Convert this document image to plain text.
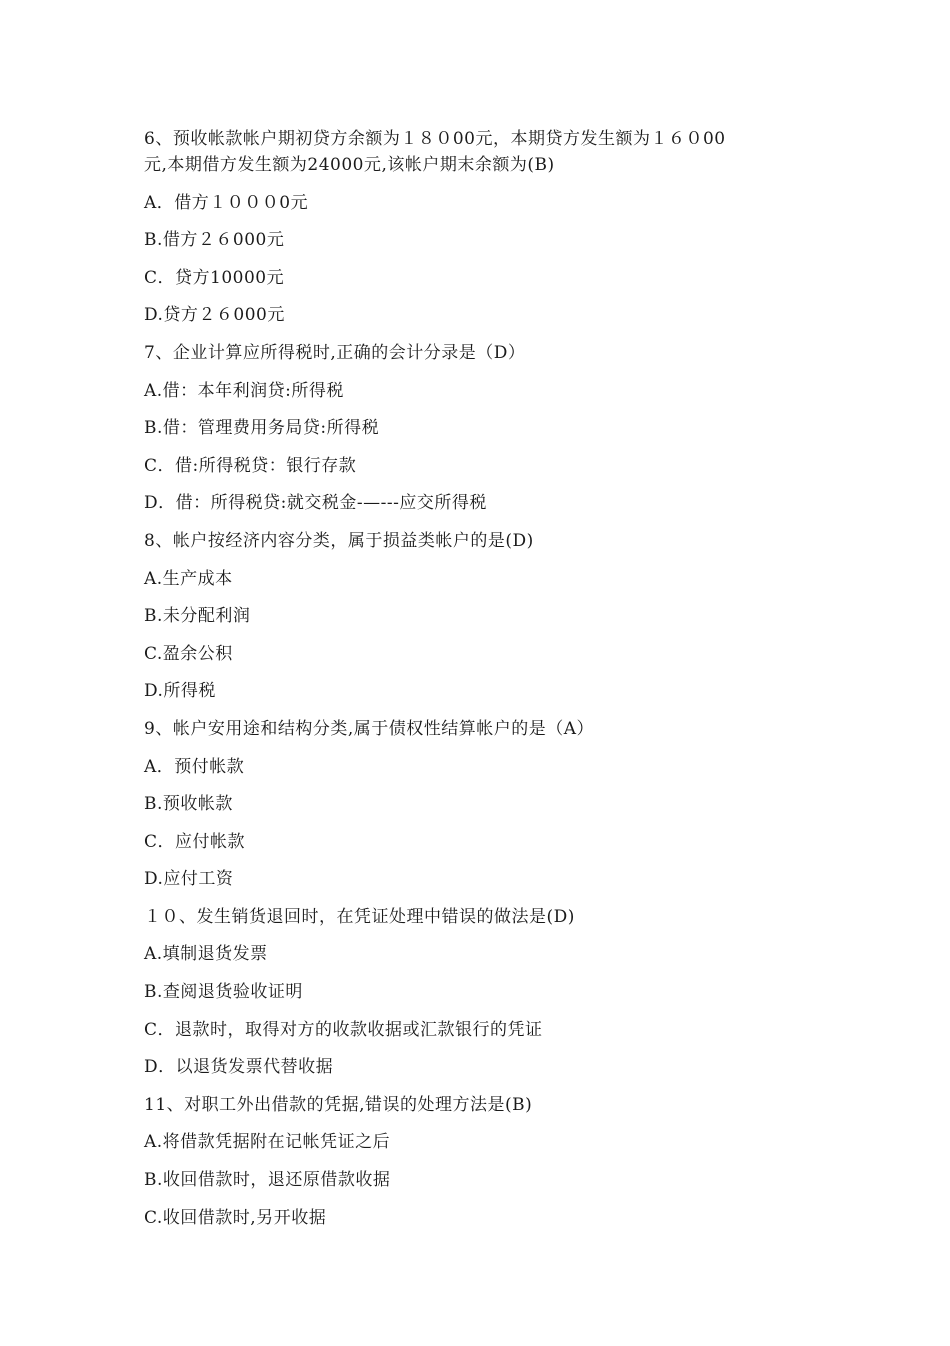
6、预收帐款帐户期初贷方余额为１８０00元，本期贷方发生额为１６０00
元,本期借方发生额为24000元,该帐户期末余额为(B)
A．借方１０００0元
B.借方２６000元
C．贷方10000元
D.贷方２６000元
7、企业计算应所得税时,正确的会计分录是（D）
A.借：本年利润贷:所得税
B.借：管理费用务局贷:所得税
C．借:所得税贷：银行存款
D．借：所得税贷:就交税金-—---应交所得税
8、帐户按经济内容分类，属于损益类帐户的是(D)
A.生产成本
B.未分配利润
C.盈余公积
D.所得税
9、帐户安用途和结构分类,属于债权性结算帐户的是（A）
A．预付帐款
B.预收帐款
C．应付帐款
D.应付工资
１０、发生销货退回时，在凭证处理中错误的做法是(D)
A.填制退货发票
B.查阅退货验收证明
C．退款时，取得对方的收款收据或汇款银行的凭证
D．以退货发票代替收据
11、对职工外出借款的凭据,错误的处理方法是(B)
A.将借款凭据附在记帐凭证之后
B.收回借款时，退还原借款收据
C.收回借款时,另开收据
